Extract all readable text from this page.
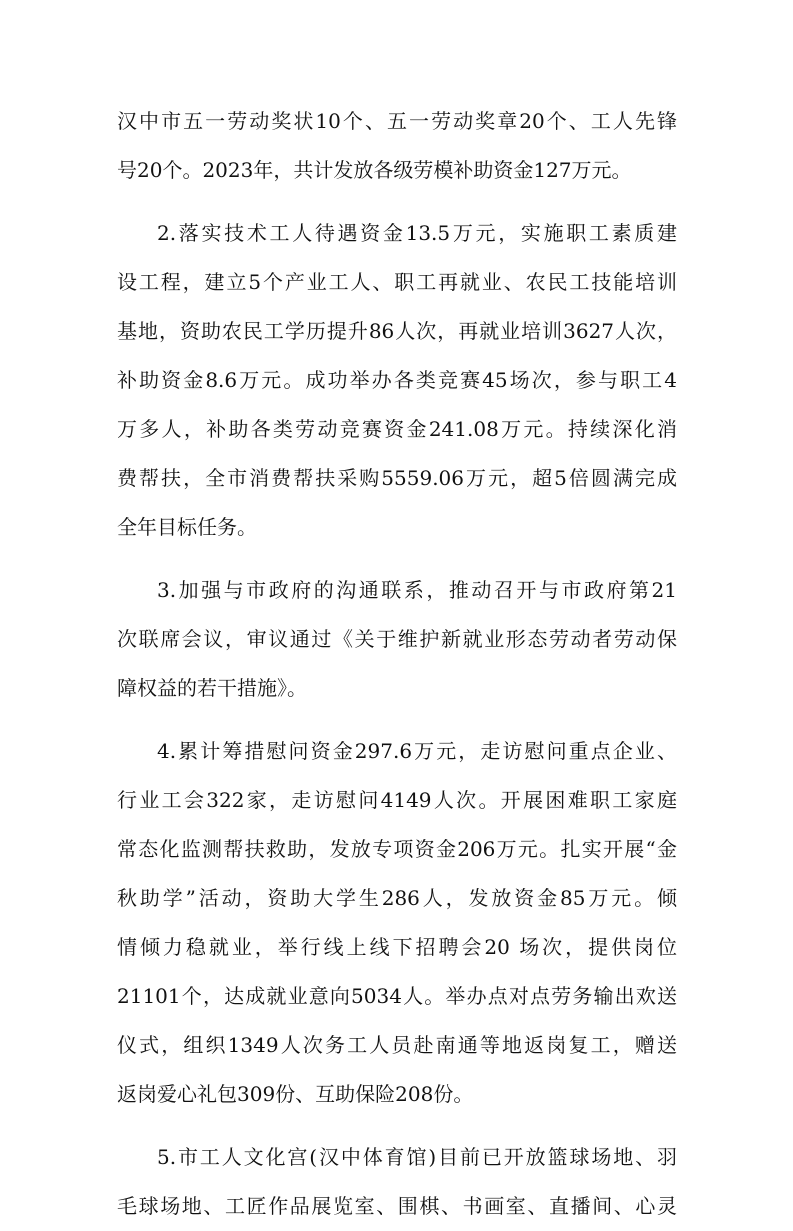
汉中市五一劳动奖状10个、五一劳动奖章20个、工人先锋
号20个。2023年，共计发放各级劳模补助资金127万元。
2.落实技术工人待遇资金13.5万元，实施职工素质建
设工程，建立5个产业工人、职工再就业、农民工技能培训
基地，资助农民工学历提升86人次，再就业培训3627人次，
补助资金8.6万元。成功举办各类竞赛45场次，参与职工4
万多人，补助各类劳动竞赛资金241.08万元。持续深化消
费帮扶，全市消费帮扶采购5559.06万元，超5倍圆满完成
全年目标任务。
3.加强与市政府的沟通联系，推动召开与市政府第21
次联席会议，审议通过《关于维护新就业形态劳动者劳动保
障权益的若干措施》。
4.累计筹措慰问资金297.6万元，走访慰问重点企业、
行业工会322家，走访慰问4149人次。开展困难职工家庭
常态化监测帮扶救助，发放专项资金206万元。扎实开展“金
秋助学”活动，资助大学生286人，发放资金85万元。倾
情倾力稳就业，举行线上线下招聘会20 场次，提供岗位
21101个，达成就业意向5034人。举办点对点劳务输出欢送
仪式，组织1349人次务工人员赴南通等地返岗复工，赠送
返岗爱心礼包309份、互助保险208份。
5.市工人文化宫(汉中体育馆)目前已开放篮球场地、羽
毛球场地、工匠作品展览室、围棋、书画室、直播间、心灵
